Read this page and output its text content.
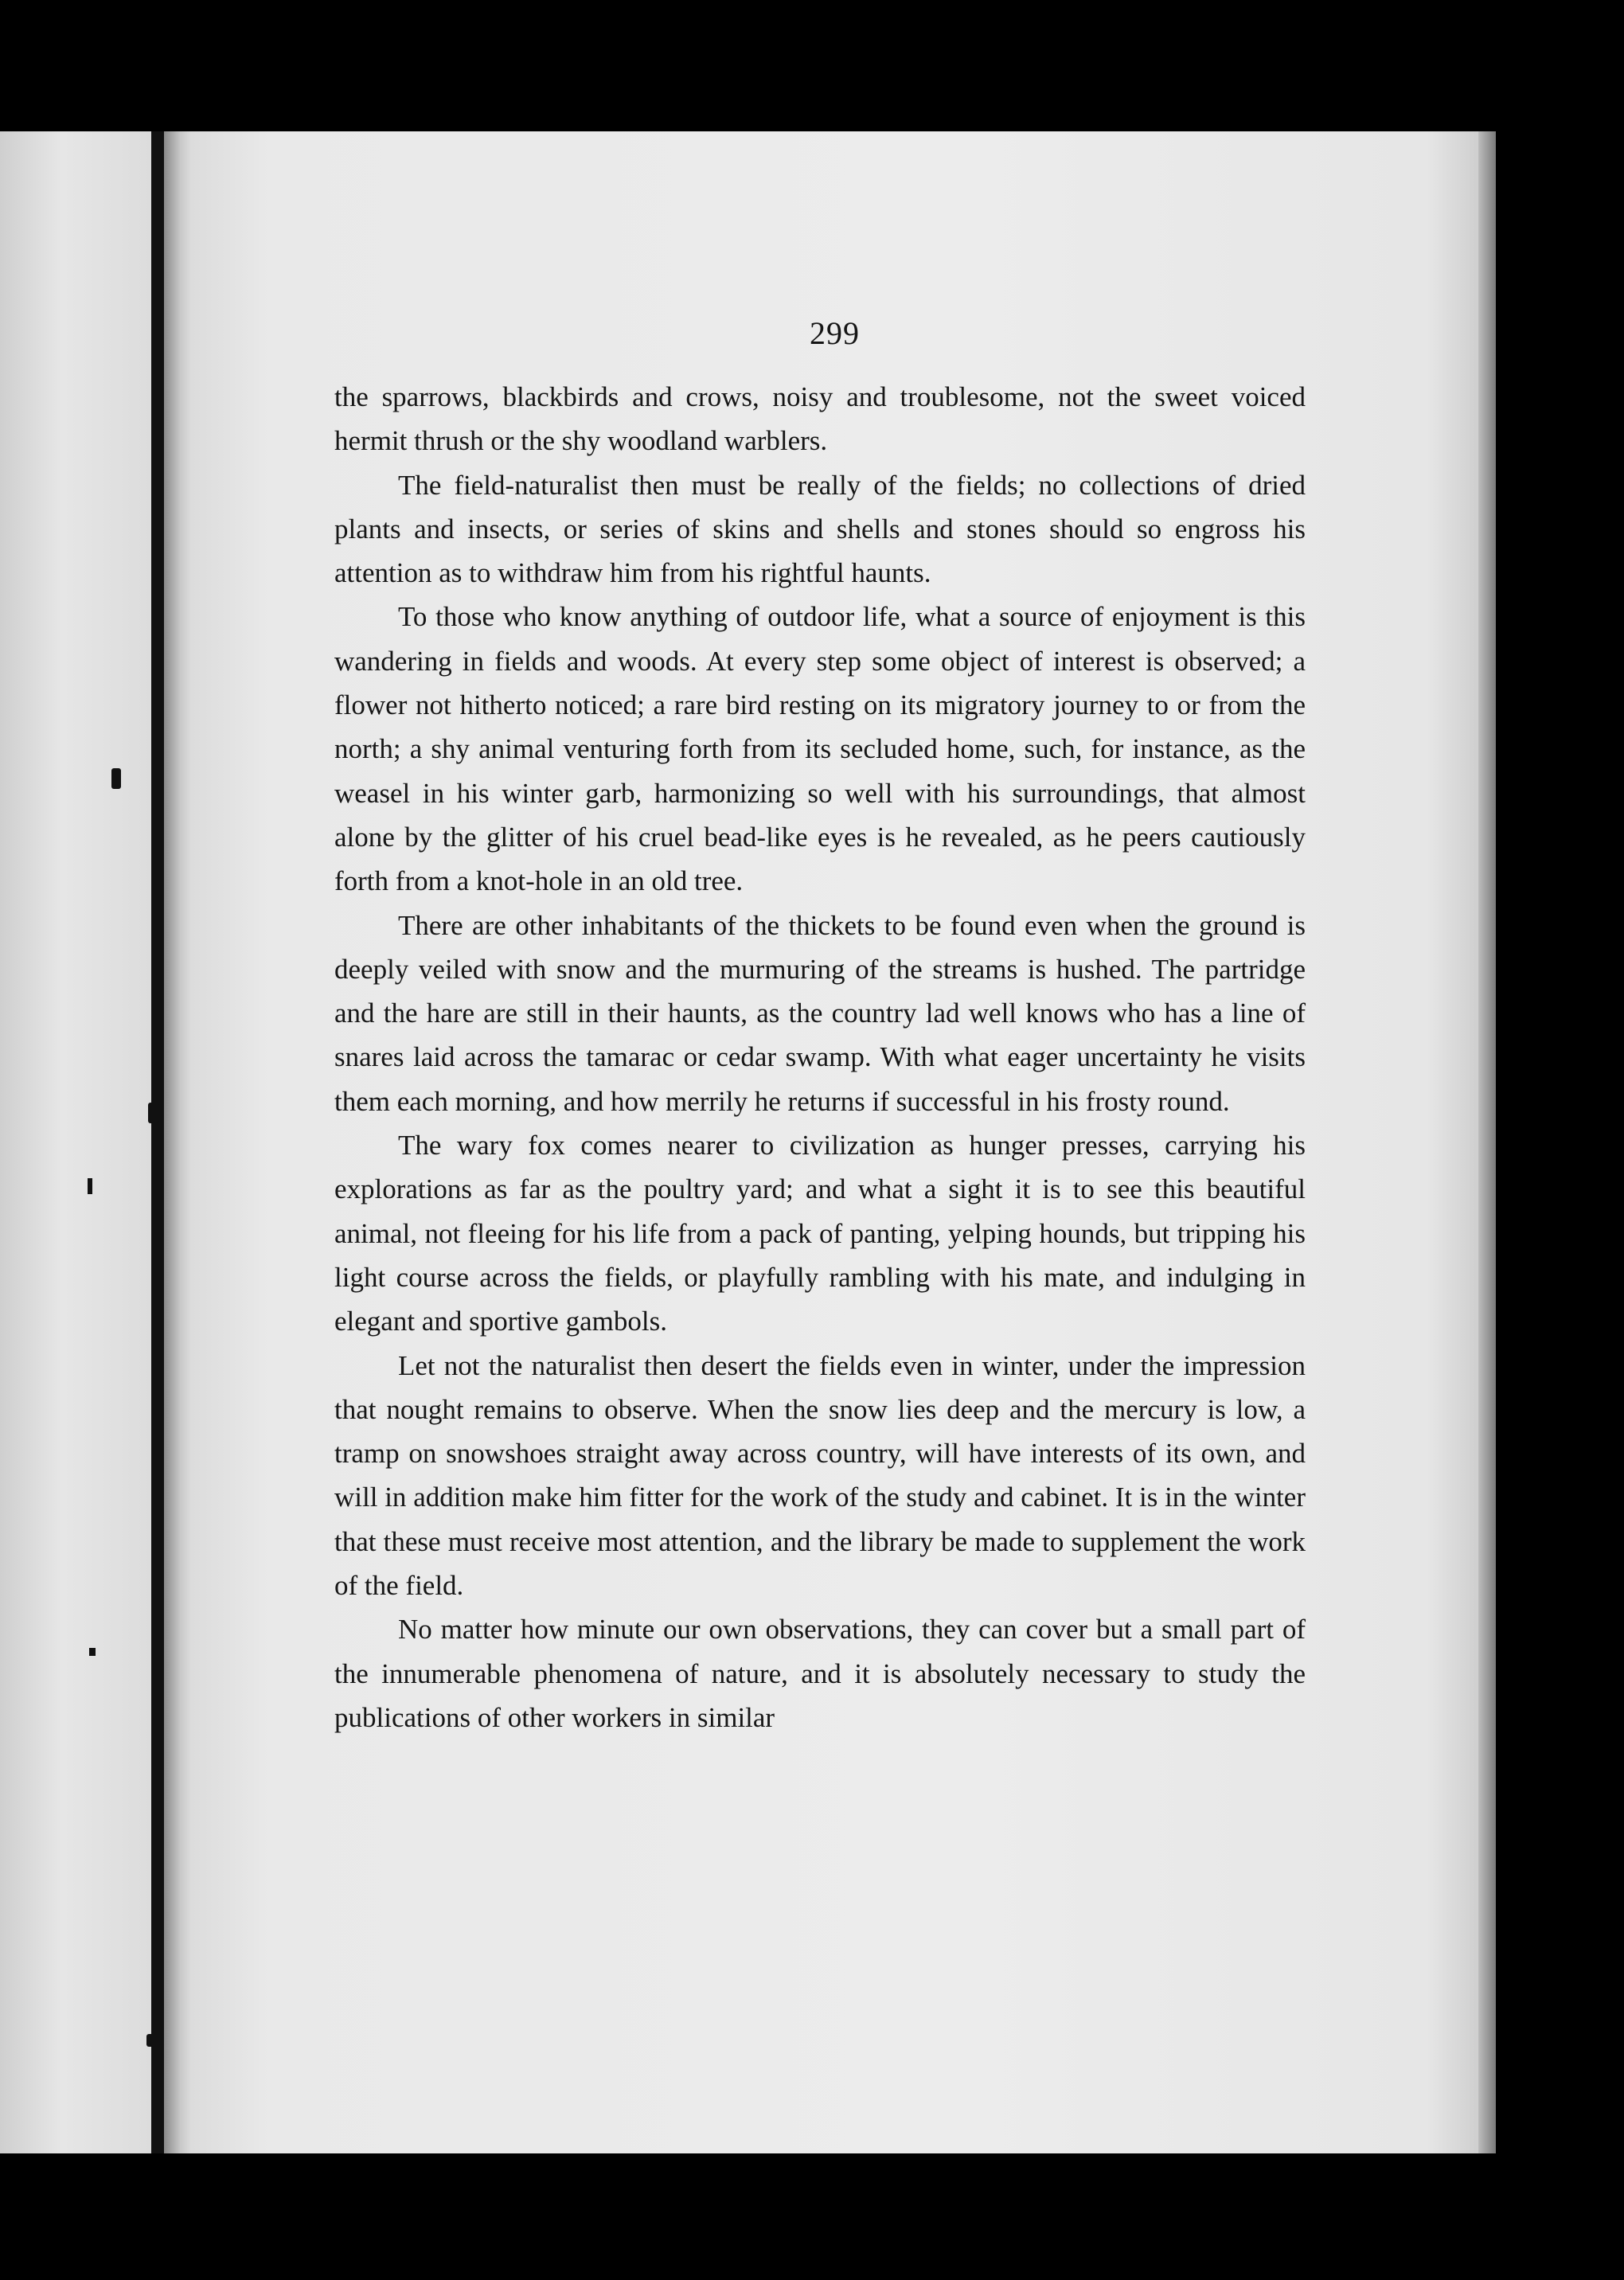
299

the sparrows, blackbirds and crows, noisy and troublesome, not the sweet voiced hermit thrush or the shy woodland warblers.

The field-naturalist then must be really of the fields; no collections of dried plants and insects, or series of skins and shells and stones should so engross his attention as to withdraw him from his rightful haunts.

To those who know anything of outdoor life, what a source of enjoyment is this wandering in fields and woods. At every step some object of interest is observed; a flower not hitherto noticed; a rare bird resting on its migratory journey to or from the north; a shy animal venturing forth from its secluded home, such, for instance, as the weasel in his winter garb, harmonizing so well with his surroundings, that almost alone by the glitter of his cruel bead-like eyes is he revealed, as he peers cautiously forth from a knot-hole in an old tree.

There are other inhabitants of the thickets to be found even when the ground is deeply veiled with snow and the murmuring of the streams is hushed. The partridge and the hare are still in their haunts, as the country lad well knows who has a line of snares laid across the tamarac or cedar swamp. With what eager uncertainty he visits them each morning, and how merrily he returns if successful in his frosty round.

The wary fox comes nearer to civilization as hunger presses, carrying his explorations as far as the poultry yard; and what a sight it is to see this beautiful animal, not fleeing for his life from a pack of panting, yelping hounds, but tripping his light course across the fields, or playfully rambling with his mate, and indulging in elegant and sportive gambols.

Let not the naturalist then desert the fields even in winter, under the impression that nought remains to observe. When the snow lies deep and the mercury is low, a tramp on snowshoes straight away across country, will have interests of its own, and will in addition make him fitter for the work of the study and cabinet. It is in the winter that these must receive most attention, and the library be made to supplement the work of the field.

No matter how minute our own observations, they can cover but a small part of the innumerable phenomena of nature, and it is absolutely necessary to study the publications of other workers in similar
